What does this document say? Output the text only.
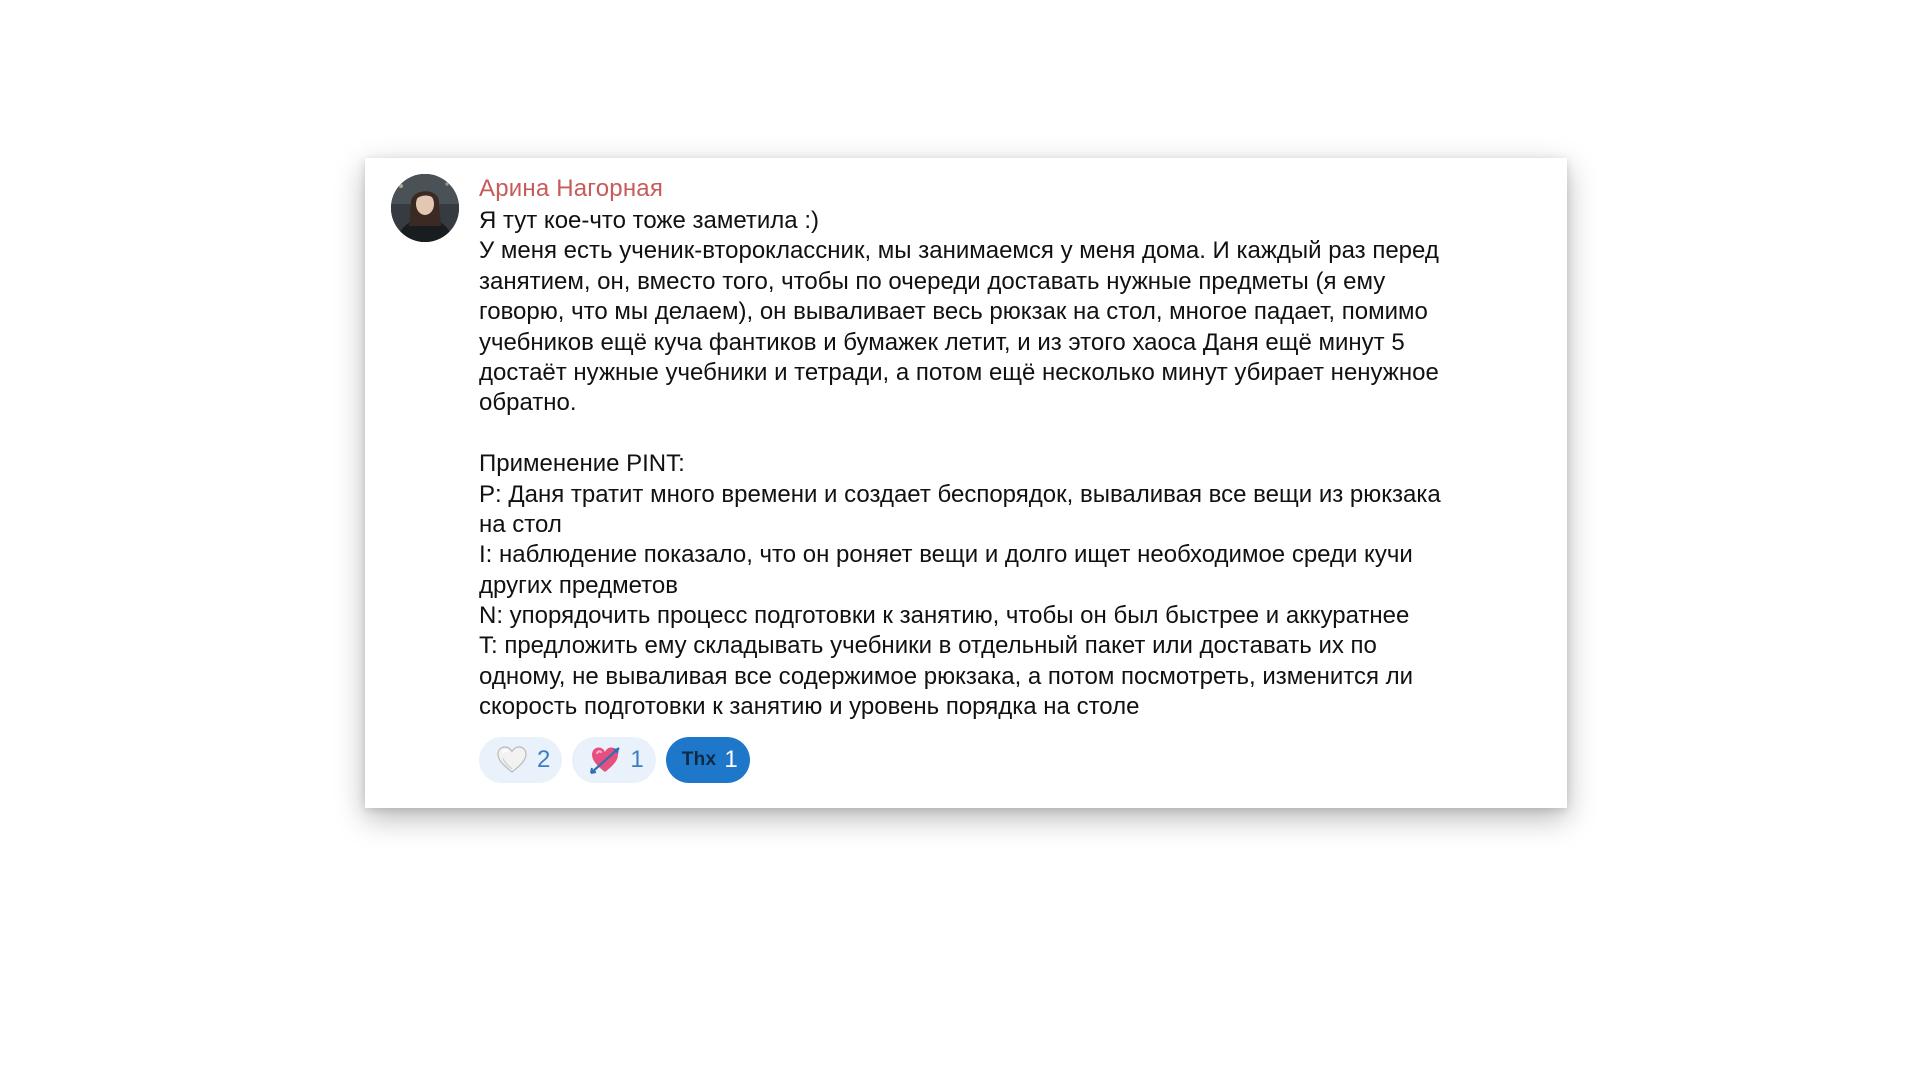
Арина Нагорная
Я тут кое-что тоже заметила :)
У меня есть ученик-второклассник, мы занимаемся у меня дома. И каждый раз перед
занятием, он, вместо того, чтобы по очереди доставать нужные предметы (я ему
говорю, что мы делаем), он вываливает весь рюкзак на стол, многое падает, помимо
учебников ещё куча фантиков и бумажек летит, и из этого хаоса Даня ещё минут 5
достаёт нужные учебники и тетради, а потом ещё несколько минут убирает ненужное
обратно.
Применение PINT:
P: Даня тратит много времени и создает беспорядок, вываливая все вещи из рюкзака
на стол
I: наблюдение показало, что он роняет вещи и долго ищет необходимое среди кучи
других предметов
N: упорядочить процесс подготовки к занятию, чтобы он был быстрее и аккуратнее
T: предложить ему складывать учебники в отдельный пакет или доставать их по
одному, не вываливая все содержимое рюкзака, а потом посмотреть, изменится ли
скорость подготовки к занятию и уровень порядка на столе
2	1 Thx 1
